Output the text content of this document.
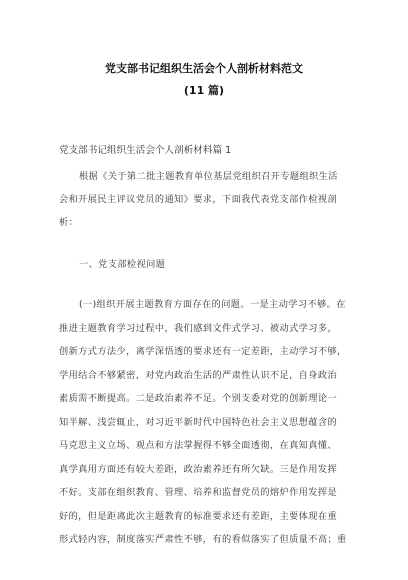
党支部书记组织生活会个人剖析材料范文
(11 篇)
党支部书记组织生活会个人剖析材料篇 1
根据《关于第二批主题教育单位基层党组织召开专题组织生活
会和开展民主评议党员的通知》要求，下面我代表党支部作检视剖
析：
一、党支部检视问题
(一)组织开展主题教育方面存在的问题。一是主动学习不够。在
推进主题教育学习过程中，我们感到文件式学习、被动式学习多，
创新方式方法少，离学深悟透的要求还有一定差距，主动学习不够，
学用结合不够紧密，对党内政治生活的严肃性认识不足，自身政治
素质需不断提高。二是政治素养不足。个别支委对党的创新理论一
知半解、浅尝辄止，对习近平新时代中国特色社会主义思想蕴含的
马克思主义立场、观点和方法掌握得不够全面透彻，在真知真懂、
真学真用方面还有较大差距，政治素养还有所欠缺。三是作用发挥
不好。支部在组织教育、管理、培养和监督党员的熔炉作用发挥是
好的，但是距离此次主题教育的标准要求还有差距，主要体现在重
形式轻内容，制度落实严肃性不够，有的看似落实了但质量不高；重
